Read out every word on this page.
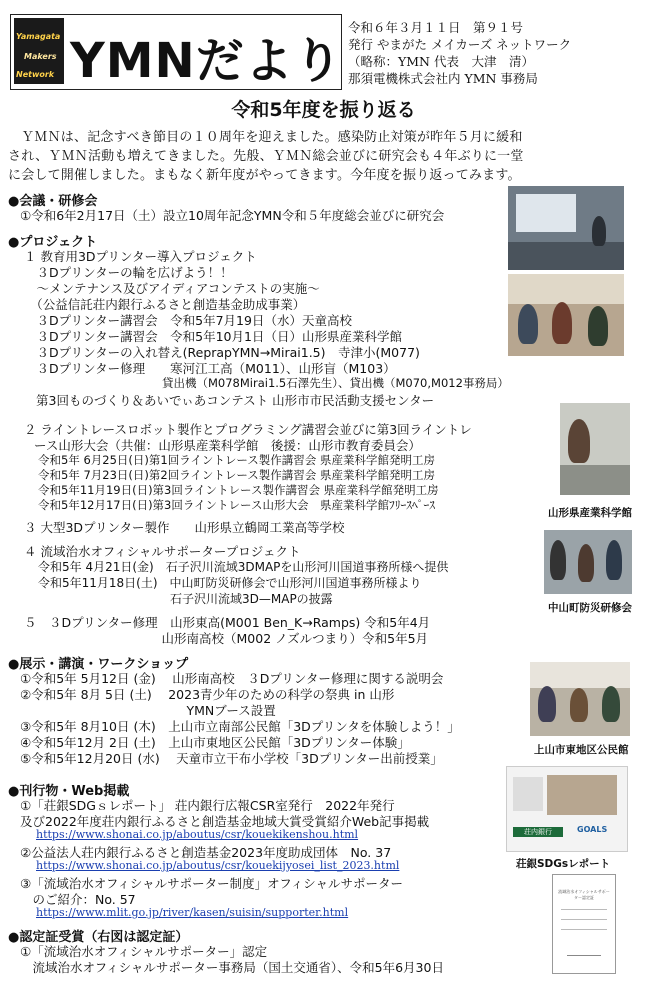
Yamagata
Makers
Network YMNだより
令和６年３月１１日　第９１号
発行 やまがた メイカーズ ネットワーク
（略称：YMN 代表　大津　清）
那須電機株式会社内 YMN 事務局
令和5年度を振り返る
　ＹＭＮは、記念すべき節目の１０周年を迎えました。感染防止対策が昨年５月に緩和
され、ＹＭＮ活動も増えてきました。先般、ＹＭＮ総会並びに研究会も４年ぶりに一堂
に会して開催しました。まもなく新年度がやってきます。今年度を振り返ってみます。
●会議・研修会
①令和6年2月17日（土）設立10周年記念YMN令和５年度総会並びに研究会
●プロジェクト
１ 教育用3Dプリンター導入プロジェクト
　３Dプリンターの輪を広げよう！！
　～メンテナンス及びアイディアコンテストの実施～
　（公益信託荘内銀行ふるさと創造基金助成事業）
　３Dプリンター講習会　令和5年7月19日（水）天童高校
　３Dプリンター講習会　令和5年10月1日（日）山形県産業科学館
　３Dプリンターの入れ替え(ReprapYMN→Mirai1.5)　寺津小(M077)
　３Dプリンター修理　　寒河江工高（M011）、山形盲（M103）
　　　　　　　　　　　　貸出機（M078Mirai1.5石澤先生）、貸出機（M070,M012事務局）
第3回ものづくり＆あいでぃあコンテスト 山形市市民活動支援センター
２ ライントレースロボット製作とプログラミング講習会並びに第3回ライントレ
ース山形大会（共催：山形県産業科学館　後援：山形市教育委員会）
令和5年 6月25日(日)第1回ライントレース製作講習会 県産業科学館発明工房
令和5年 7月23日(日)第2回ライントレース製作講習会 県産業科学館発明工房
令和5年11月19日(日)第3回ライントレース製作講習会 県産業科学館発明工房
令和5年12月17日(日)第3回ライントレース山形大会　県産業科学館ﾌﾘｰｽﾍﾟｰｽ
３ 大型3Dプリンター製作　　山形県立鶴岡工業高等学校
４ 流域治水オフィシャルサポータープロジェクト
令和5年 4月21日(金)　石子沢川流域3DMAPを山形河川国道事務所様へ提供
令和5年11月18日(土)　中山町防災研修会で山形河川国道事務所様より
　　　　　　　　　　　石子沢川流域3D—MAPの披露
５　３Dプリンター修理　山形東高(M001 Ben_K→Ramps) 令和5年4月
　　　　　　　　　　　山形南高校（M002 ノズルつまり）令和5年5月
●展示・講演・ワークショップ
①令和5年 5月12日 (金)　 山形南高校　３Dプリンター修理に関する説明会
②令和5年 8月 5日 (土)　 2023青少年のための科学の祭典 in 山形
　　　　　　　　　　　　　 YMNブース設置
③令和5年 8月10日 (木)　上山市立南部公民館「3Dプリンタを体験しよう！」
④令和5年12月 2日 (土)　上山市東地区公民館「3Dプリンター体験」
⑤令和5年12月20日 (水)　 天童市立干布小学校「3Dプリンター出前授業」
●刊行物・Web掲載
①「荘銀SDGｓレポート」 荘内銀行広報CSR室発行　2022年発行
及び2022年度荘内銀行ふるさと創造基金地域大賞受賞紹介Web記事掲載
https://www.shonai.co.jp/aboutus/csr/kouekikenshou.html
②公益法人荘内銀行ふるさと創造基金2023年度助成団体　No. 37
https://www.shonai.co.jp/aboutus/csr/kouekijyosei_list_2023.html
③「流域治水オフィシャルサポーター制度」オフィシャルサポーター
　のご紹介：No. 57
https://www.mlit.go.jp/river/kasen/suisin/supporter.html
●認定証受賞（右図は認定証）
①「流域治水オフィシャルサポーター」認定
　流域治水オフィシャルサポーター事務局（国土交通省）、令和5年6月30日
山形県産業科学館
中山町防災研修会
上山市東地区公民館
荘内銀行	GOALS
荘銀SDGsレポート
流域治水オフィシャルサポーター認定証
